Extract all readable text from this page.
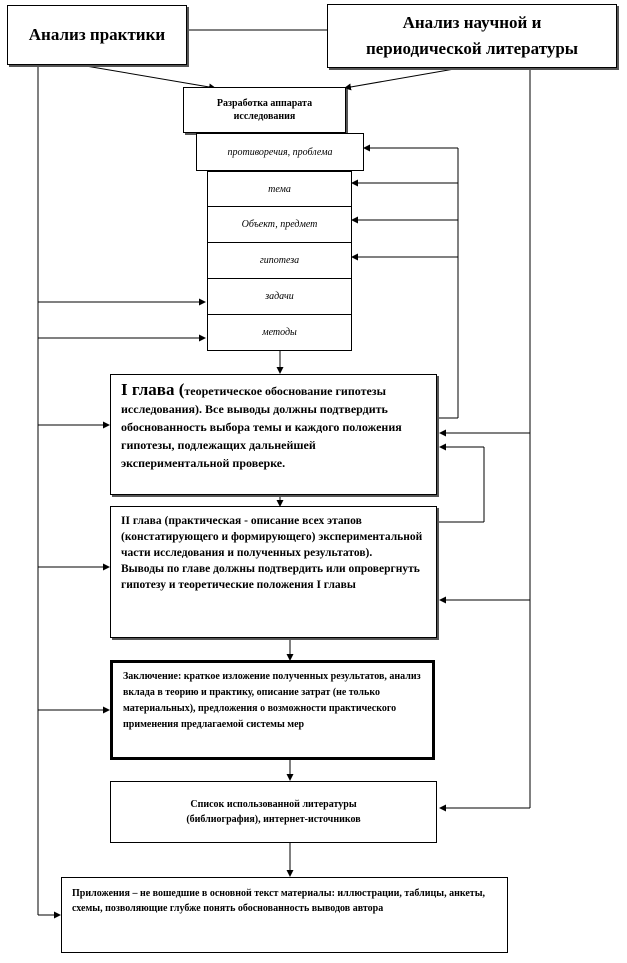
Анализ практики
Анализ научной и периодической литературы
Разработка аппарата исследования
противоречия, проблема
тема
Объект, предмет
гипотеза
задачи
методы
I глава (теоретическое обоснование гипотезы исследования). Все выводы должны подтвердить обоснованность выбора темы и каждого положения гипотезы, подлежащих дальнейшей экспериментальной проверке.
II глава (практическая - описание всех этапов (констатирующего и формирующего) экспериментальной части исследования и полученных результатов).
Выводы по главе должны подтвердить или опровергнуть гипотезу и теоретические положения I главы
Заключение: краткое изложение полученных результатов, анализ вклада в теорию и практику, описание затрат (не только материальных), предложения о возможности практического применения предлагаемой системы мер
Список использованной литературы (библиография), интернет-источников
Приложения – не вошедшие в основной текст материалы: иллюстрации, таблицы, анкеты, схемы, позволяющие глубже понять обоснованность выводов автора
